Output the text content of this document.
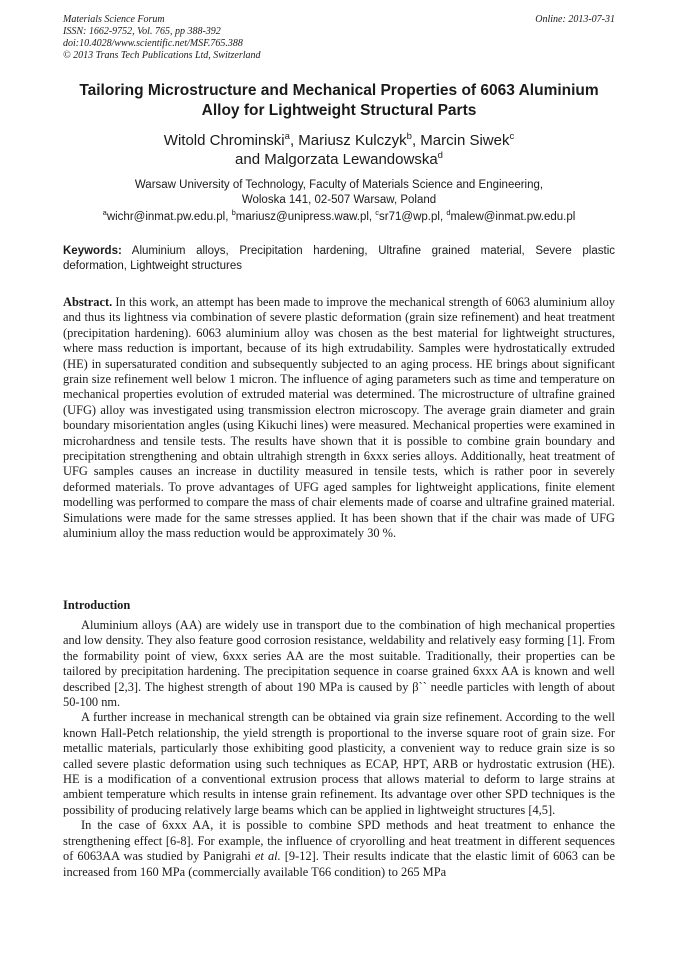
Materials Science Forum
ISSN: 1662-9752, Vol. 765, pp 388-392
doi:10.4028/www.scientific.net/MSF.765.388
© 2013 Trans Tech Publications Ltd, Switzerland
Online: 2013-07-31
Tailoring Microstructure and Mechanical Properties of 6063 Aluminium Alloy for Lightweight Structural Parts
Witold Chrominski$^a$, Mariusz Kulczyk$^b$, Marcin Siwek$^c$
and Malgorzata Lewandowska$^d$
Warsaw University of Technology, Faculty of Materials Science and Engineering,
Woloska 141, 02-507 Warsaw, Poland
$^a$wichr@inmat.pw.edu.pl, $^b$mariusz@unipress.waw.pl, $^c$sr71@wp.pl, $^d$malew@inmat.pw.edu.pl
Keywords: Aluminium alloys, Precipitation hardening, Ultrafine grained material, Severe plastic deformation, Lightweight structures
Abstract. In this work, an attempt has been made to improve the mechanical strength of 6063 aluminium alloy and thus its lightness via combination of severe plastic deformation (grain size refinement) and heat treatment (precipitation hardening). 6063 aluminium alloy was chosen as the best material for lightweight structures, where mass reduction is important, because of its high extrudability. Samples were hydrostatically extruded (HE) in supersaturated condition and subsequently subjected to an aging process. HE brings about significant grain size refinement well below 1 micron. The influence of aging parameters such as time and temperature on mechanical properties evolution of extruded material was determined. The microstructure of ultrafine grained (UFG) alloy was investigated using transmission electron microscopy. The average grain diameter and grain boundary misorientation angles (using Kikuchi lines) were measured. Mechanical properties were examined in microhardness and tensile tests. The results have shown that it is possible to combine grain boundary and precipitation strengthening and obtain ultrahigh strength in 6xxx series alloys. Additionally, heat treatment of UFG samples causes an increase in ductility measured in tensile tests, which is rather poor in severely deformed materials. To prove advantages of UFG aged samples for lightweight applications, finite element modelling was performed to compare the mass of chair elements made of coarse and ultrafine grained material. Simulations were made for the same stresses applied. It has been shown that if the chair was made of UFG aluminium alloy the mass reduction would be approximately 30 %.
Introduction

Aluminium alloys (AA) are widely use in transport due to the combination of high mechanical properties and low density. They also feature good corrosion resistance, weldability and relatively easy forming [1]. From the formability point of view, 6xxx series AA are the most suitable. Traditionally, their properties can be tailored by precipitation hardening. The precipitation sequence in coarse grained 6xxx AA is known and well described [2,3]. The highest strength of about 190 MPa is caused by β`` needle particles with length of about 50-100 nm.

A further increase in mechanical strength can be obtained via grain size refinement. According to the well known Hall-Petch relationship, the yield strength is proportional to the inverse square root of grain size. For metallic materials, particularly those exhibiting good plasticity, a convenient way to reduce grain size is so called severe plastic deformation using such techniques as ECAP, HPT, ARB or hydrostatic extrusion (HE). HE is a modification of a conventional extrusion process that allows material to deform to large strains at ambient temperature which results in intense grain refinement. Its advantage over other SPD techniques is the possibility of producing relatively large beams which can be applied in lightweight structures [4,5].

In the case of 6xxx AA, it is possible to combine SPD methods and heat treatment to enhance the strengthening effect [6-8]. For example, the influence of cryorolling and heat treatment in different sequences of 6063AA was studied by Panigrahi et al. [9-12]. Their results indicate that the elastic limit of 6063 can be increased from 160 MPa (commercially available T66 condition) to 265 MPa
